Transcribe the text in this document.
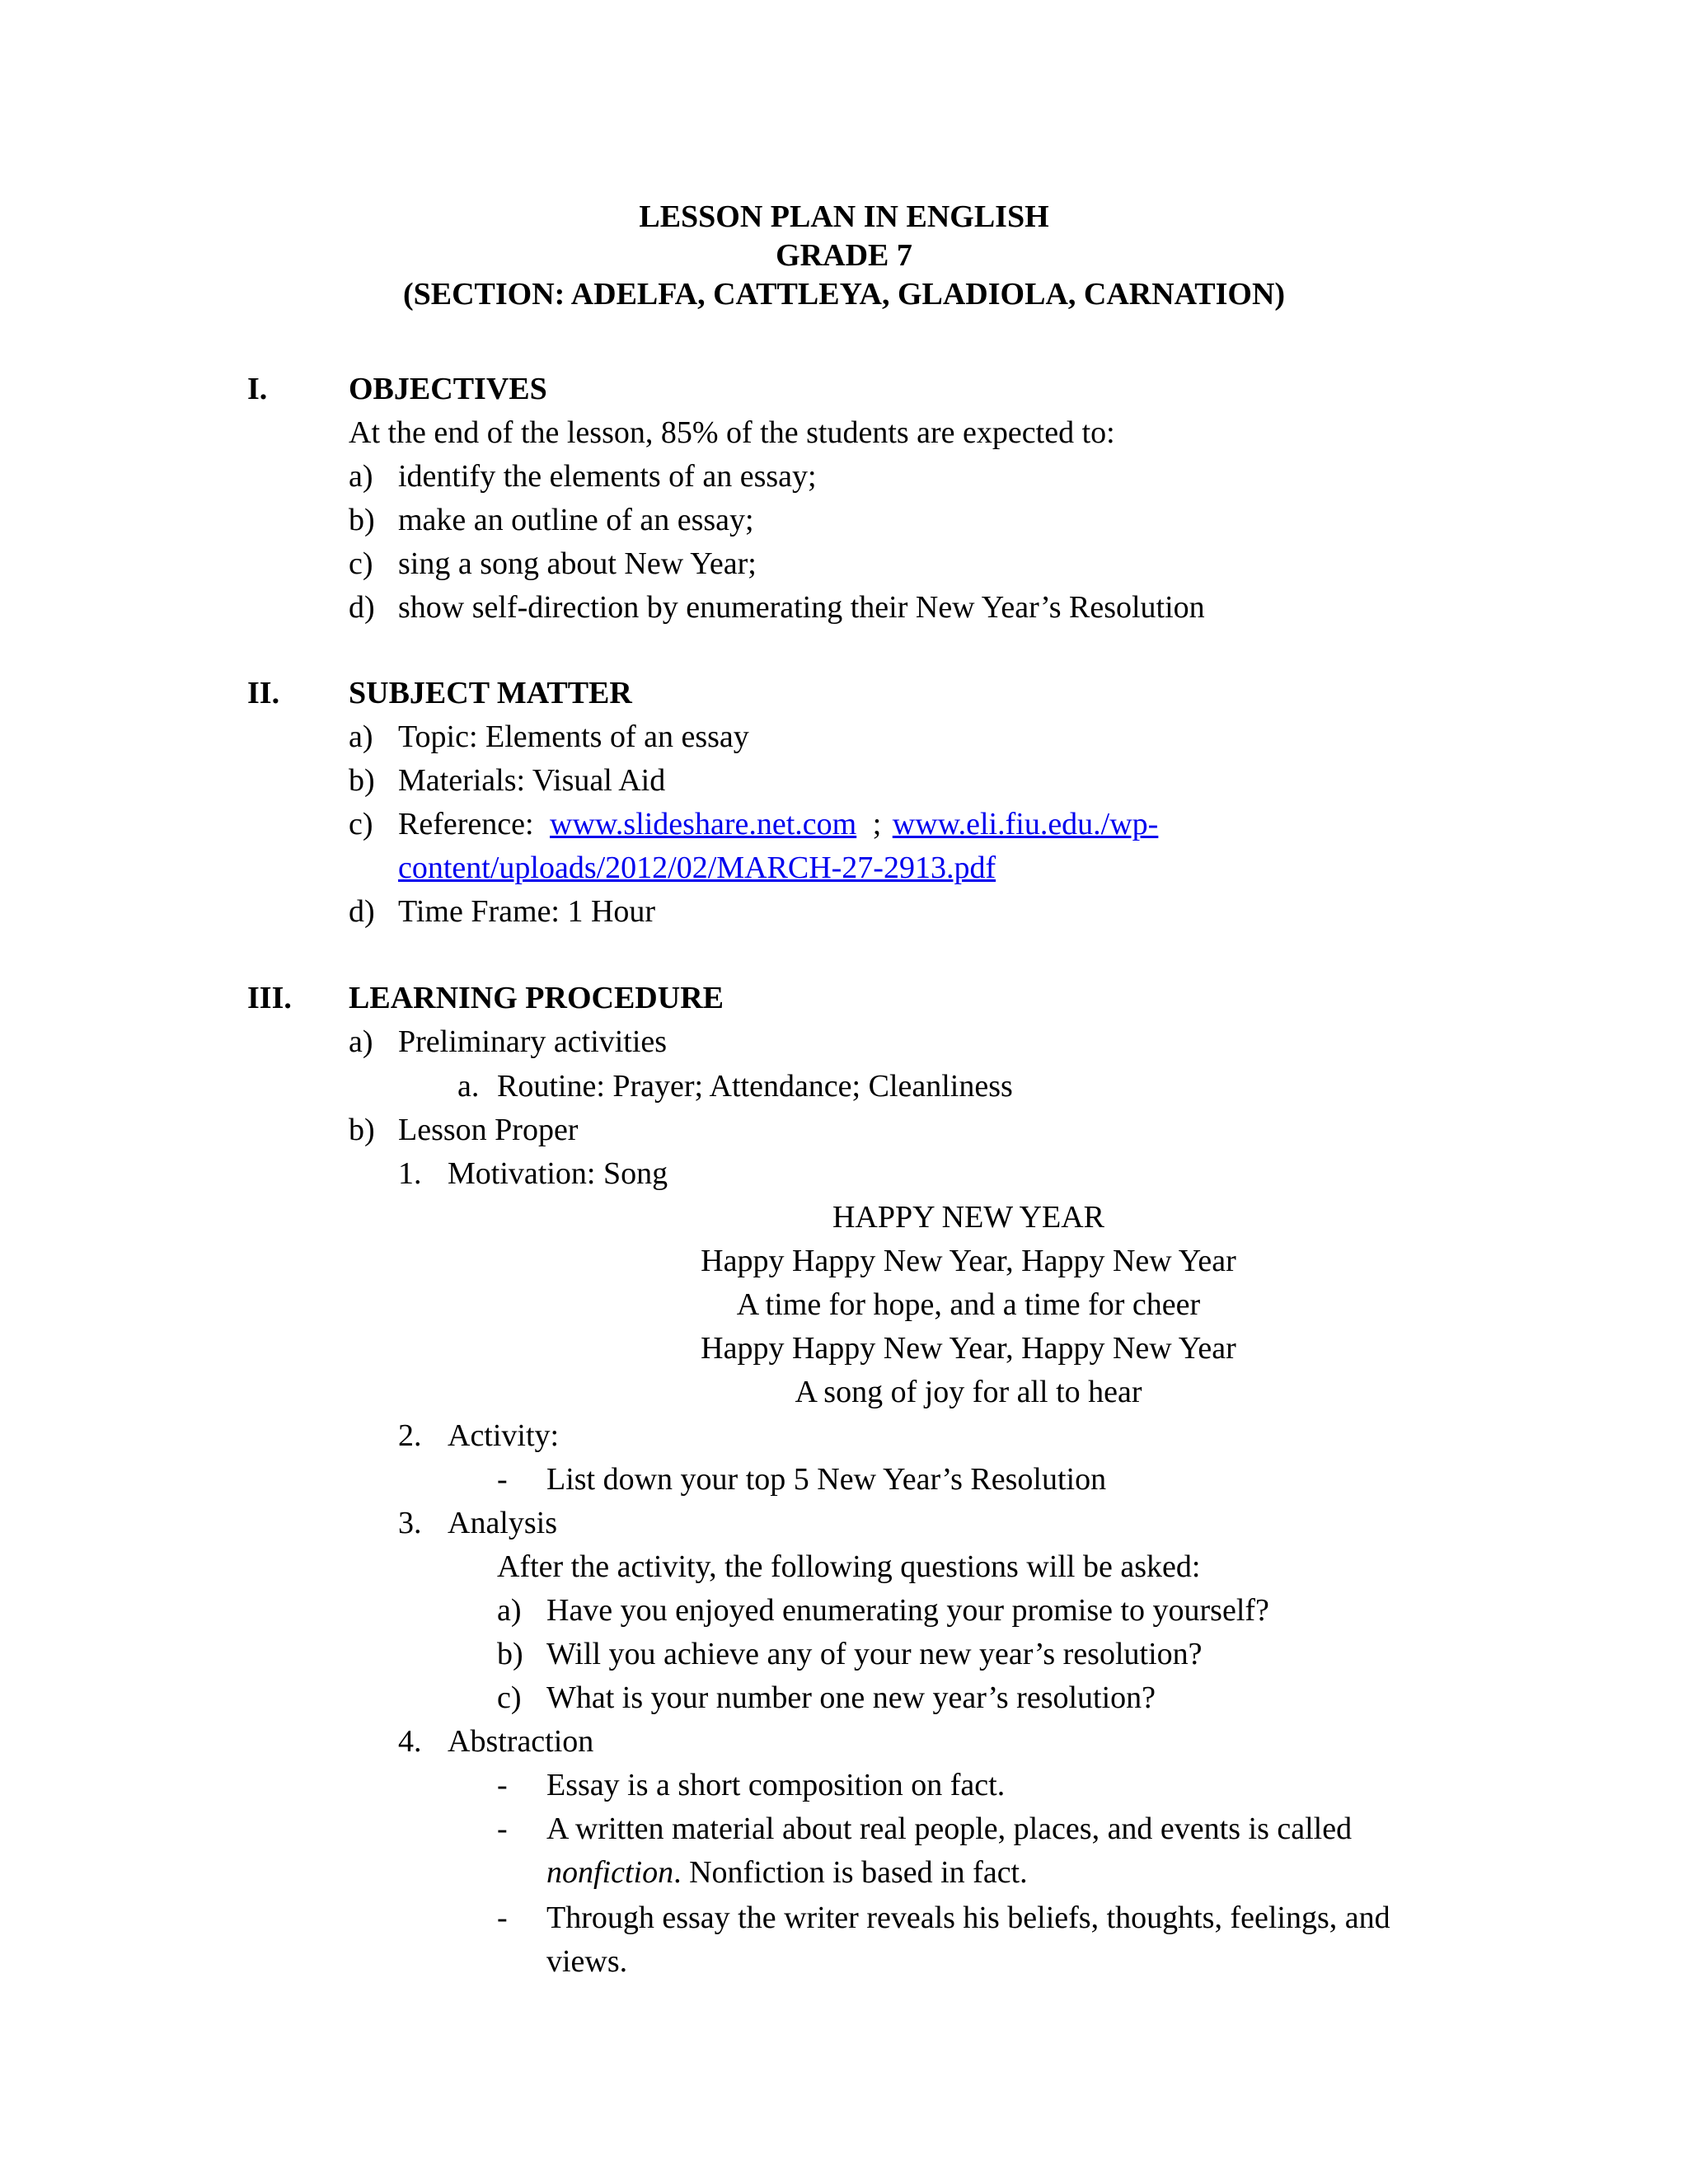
LESSON PLAN IN ENGLISH
GRADE 7
(SECTION: ADELFA, CATTLEYA, GLADIOLA, CARNATION)
I.	OBJECTIVES
At the end of the lesson, 85% of the students are expected to:
a) identify the elements of an essay;
b) make an outline of an essay;
c) sing a song about New Year;
d) show self-direction by enumerating their New Year’s Resolution
II. SUBJECT MATTER
a) Topic: Elements of an essay
b) Materials: Visual Aid
c) Reference: www.slideshare.net.com ; www.eli.fiu.edu./wp-
content/uploads/2012/02/MARCH-27-2913.pdf
d) Time Frame: 1 Hour
III. LEARNING PROCEDURE
a) Preliminary activities
a. Routine: Prayer; Attendance; Cleanliness
b) Lesson Proper
1. Motivation: Song
HAPPY NEW YEAR
Happy Happy New Year, Happy New Year
A time for hope, and a time for cheer
Happy Happy New Year, Happy New Year
A song of joy for all to hear
2. Activity:
- List down your top 5 New Year’s Resolution
3. Analysis
After the activity, the following questions will be asked:
a) Have you enjoyed enumerating your promise to yourself?
b) Will you achieve any of your new year’s resolution?
c) What is your number one new year’s resolution?
4. Abstraction
- Essay is a short composition on fact.
- A written material about real people, places, and events is called
nonfiction. Nonfiction is based in fact.
- Through essay the writer reveals his beliefs, thoughts, feelings, and
views.
